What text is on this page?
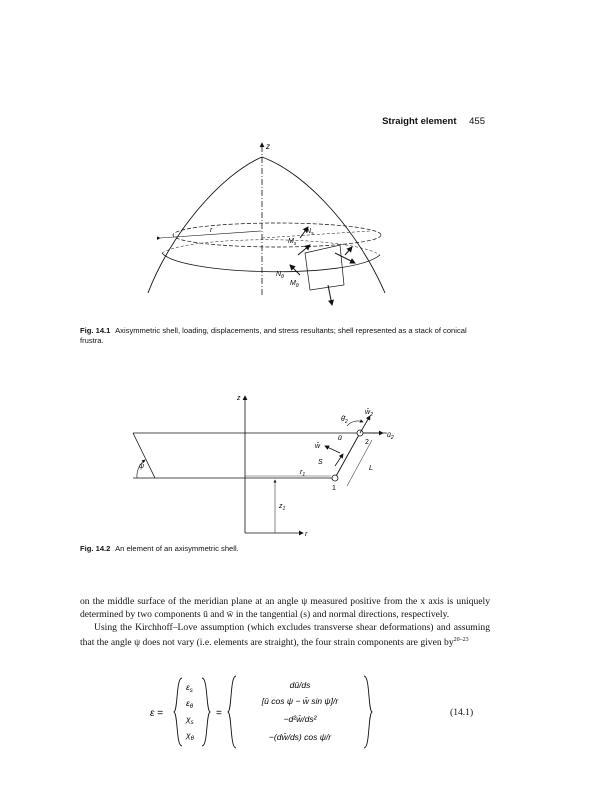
Straight element 455
z
r	$N_s$
$M_s$
$N_\theta$
$M_\theta$
Fig. 14.1 Axisymmetric shell, loading, displacements, and stress resultants; shell represented as a stack of conical frustra.
z
r
ψ
1
2
L
$r_1$
$z_1$
S
w̄
ū
$w̄_2$
$ū_2$
$\thetā_2$
Fig. 14.2 An element of an axisymmetric shell.

on the middle surface of the meridian plane at an angle ψ measured positive from the x axis is uniquely determined by two components ū and w̄ in the tangential (s) and normal directions, respectively.

Using the Kirchhoff–Love assumption (which excludes transverse shear deformations) and assuming that the angle ψ does not vary (i.e. elements are straight), the four strain components are given $by^{20-23}$

ε =
$\varepsilon_s$
$\varepsilon_\theta$
$\chi_s$
$\chi_\theta$
=
dū/ds
[ū cos ψ − w̄ sin ψ]/r
−d²w̄/ds²
−(dw̄/ds) cos ψ/r
(14.1)
